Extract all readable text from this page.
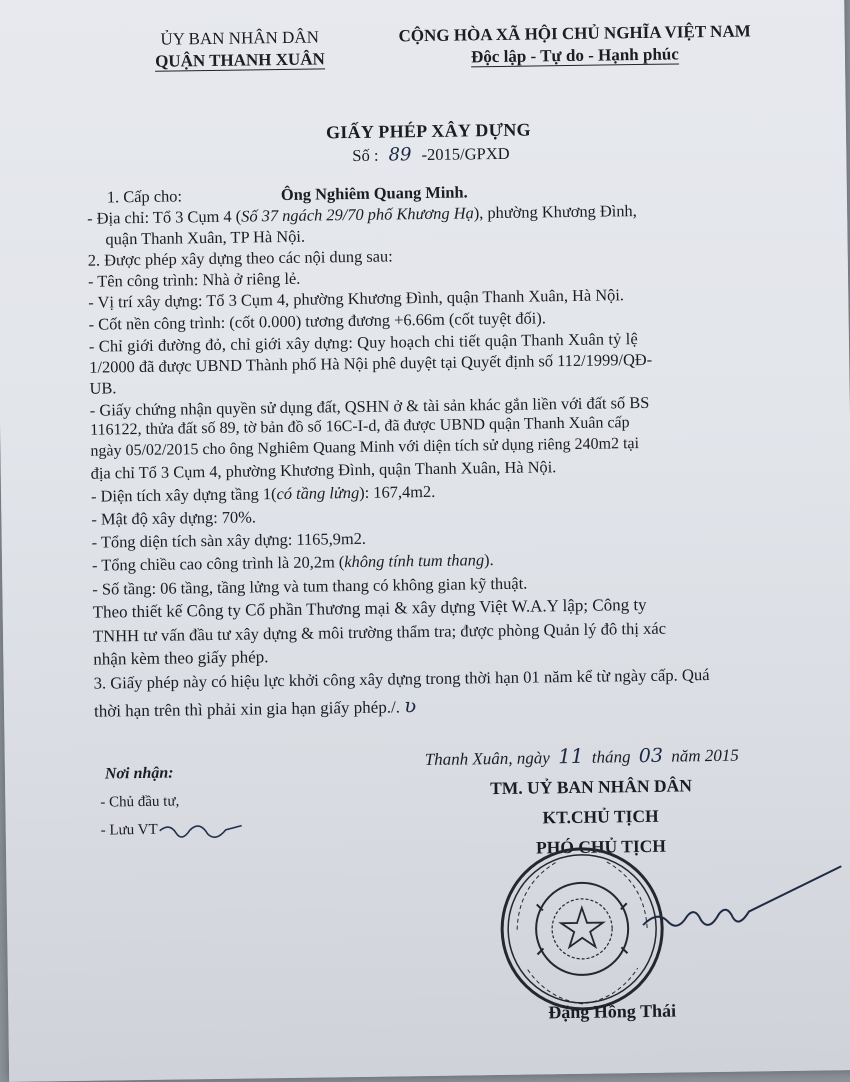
ỦY BAN NHÂN DÂN
QUẬN THANH XUÂN
CỘNG HÒA XÃ HỘI CHỦ NGHĨA VIỆT NAM
Độc lập - Tự do - Hạnh phúc
GIẤY PHÉP XÂY DỰNG
Số : 89 -2015/GPXD
1. Cấp cho:	Ông Nghiêm Quang Minh.
- Địa chỉ: Tổ 3 Cụm 4 (Số 37 ngách 29/70 phố Khương Hạ), phường Khương Đình,
quận Thanh Xuân, TP Hà Nội.
2. Được phép xây dựng theo các nội dung sau:
- Tên công trình: Nhà ở riêng lẻ.
- Vị trí xây dựng: Tổ 3 Cụm 4, phường Khương Đình, quận Thanh Xuân, Hà Nội.
- Cốt nền công trình: (cốt 0.000) tương đương +6.66m (cốt tuyệt đối).
- Chỉ giới đường đỏ, chỉ giới xây dựng: Quy hoạch chi tiết quận Thanh Xuân tỷ lệ
1/2000 đã được UBND Thành phố Hà Nội phê duyệt tại Quyết định số 112/1999/QĐ-
UB.
- Giấy chứng nhận quyền sử dụng đất, QSHN ở & tài sản khác gắn liền với đất số BS
116122, thửa đất số 89, tờ bản đồ số 16C-I-d, đã được UBND quận Thanh Xuân cấp
ngày 05/02/2015 cho ông Nghiêm Quang Minh với diện tích sử dụng riêng 240m2 tại
địa chỉ Tổ 3 Cụm 4, phường Khương Đình, quận Thanh Xuân, Hà Nội.
- Diện tích xây dựng tầng 1(có tầng lửng): 167,4m2.
- Mật độ xây dựng: 70%.
- Tổng diện tích sàn xây dựng: 1165,9m2.
- Tổng chiều cao công trình là 20,2m (không tính tum thang).
- Số tầng: 06 tầng, tầng lửng và tum thang có không gian kỹ thuật.
Theo thiết kế Công ty Cổ phần Thương mại & xây dựng Việt W.A.Y lập; Công ty
TNHH tư vấn đầu tư xây dựng & môi trường thẩm tra; được phòng Quản lý đô thị xác
nhận kèm theo giấy phép.
3. Giấy phép này có hiệu lực khởi công xây dựng trong thời hạn 01 năm kể từ ngày cấp. Quá
thời hạn trên thì phải xin gia hạn giấy phép./. ʋ
Thanh Xuân, ngày 11 tháng 03 năm 2015
Nơi nhận:
- Chủ đầu tư,
- Lưu VT
TM. UỶ BAN NHÂN DÂN
KT.CHỦ TỊCH
PHÓ CHỦ TỊCH
Đặng Hồng Thái
